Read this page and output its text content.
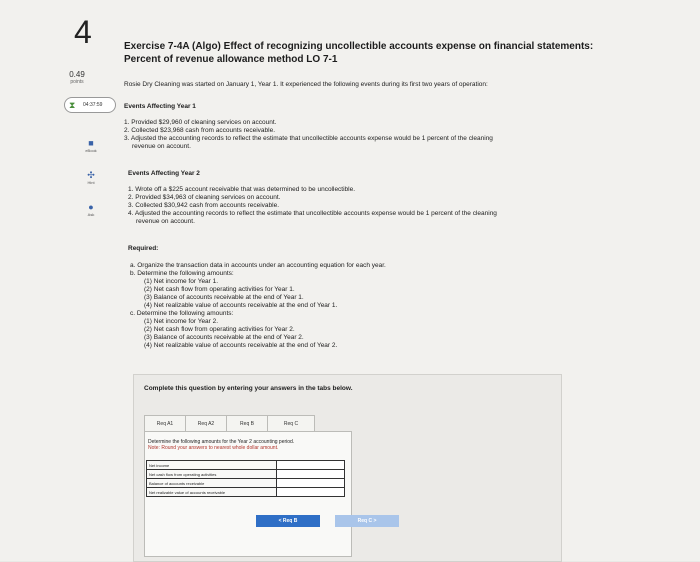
4
0.49
points
⧗ 04:37:59
■
eBook
✣
Hint
●
Ask
Exercise 7-4A (Algo) Effect of recognizing uncollectible accounts expense on financial statements: Percent of revenue allowance method LO 7-1
Rosie Dry Cleaning was started on January 1, Year 1. It experienced the following events during its first two years of operation:
Events Affecting Year 1
1. Provided $29,960 of cleaning services on account.
2. Collected $23,968 cash from accounts receivable.
3. Adjusted the accounting records to reflect the estimate that uncollectible accounts expense would be 1 percent of the cleaning
revenue on account.
Events Affecting Year 2
1. Wrote off a $225 account receivable that was determined to be uncollectible.
2. Provided $34,963 of cleaning services on account.
3. Collected $30,942 cash from accounts receivable.
4. Adjusted the accounting records to reflect the estimate that uncollectible accounts expense would be 1 percent of the cleaning
revenue on account.
Required:
a. Organize the transaction data in accounts under an accounting equation for each year.
b. Determine the following amounts:
(1) Net income for Year 1.
(2) Net cash flow from operating activities for Year 1.
(3) Balance of accounts receivable at the end of Year 1.
(4) Net realizable value of accounts receivable at the end of Year 1.
c. Determine the following amounts:
(1) Net income for Year 2.
(2) Net cash flow from operating activities for Year 2.
(3) Balance of accounts receivable at the end of Year 2.
(4) Net realizable value of accounts receivable at the end of Year 2.
Complete this question by entering your answers in the tabs below.
Req A1	Req A2	Req B	Req C
Determine the following amounts for the Year 2 accounting period.
Note: Round your answers to nearest whole dollar amount.
Net income	
Net cash flow from operating activities	
Balance of accounts receivable	
Net realizable value of accounts receivable	
< Req B	Req C >
